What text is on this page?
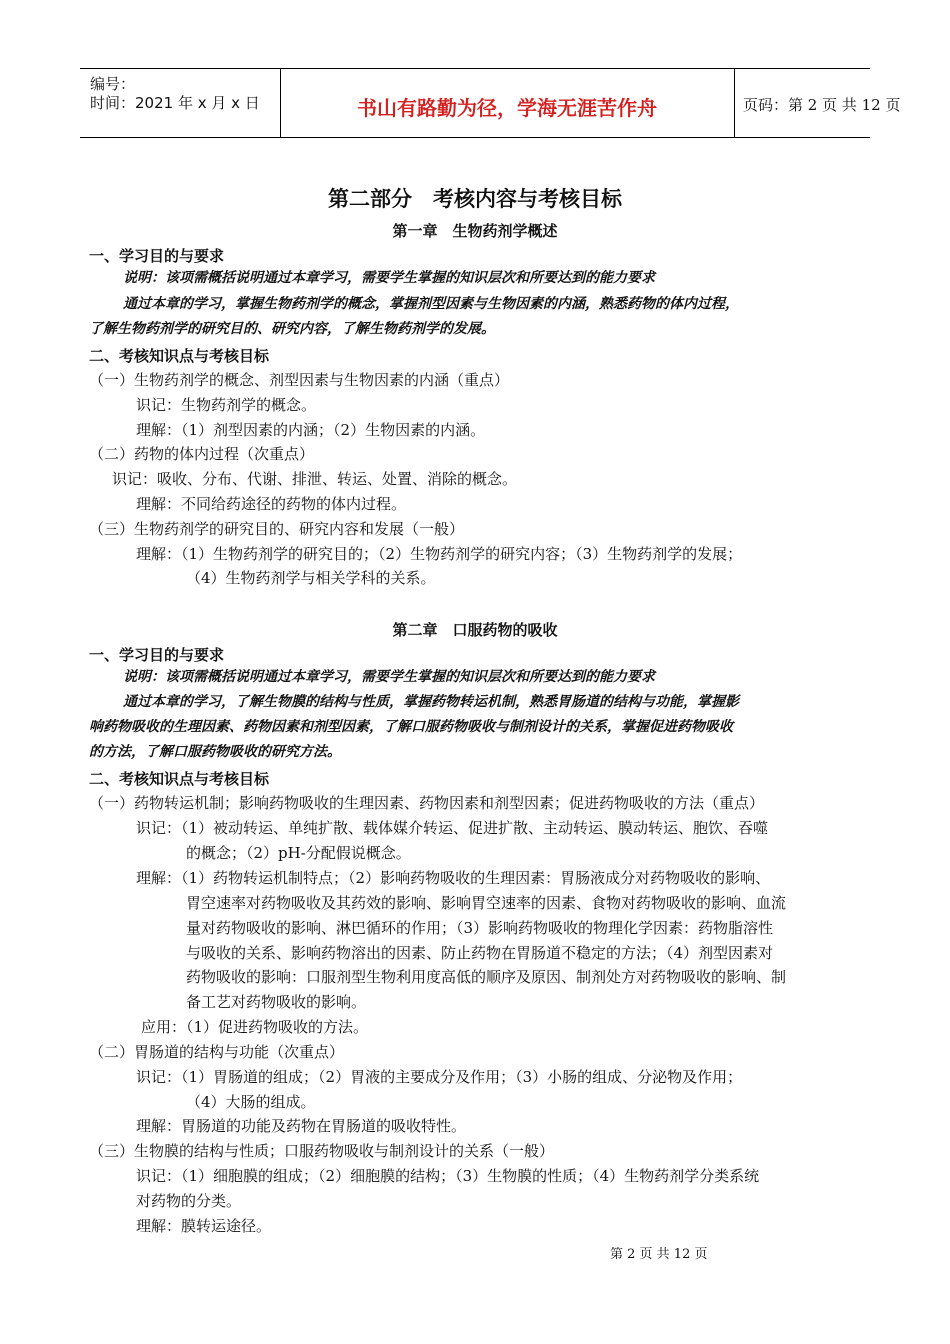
编号：
时间：2021 年 x 月 x 日	书山有路勤为径，学海无涯苦作舟	页码：第 2 页 共 12 页
第二部分　考核内容与考核目标
第一章　生物药剂学概述
一、学习目的与要求
说明：该项需概括说明通过本章学习，需要学生掌握的知识层次和所要达到的能力要求
通过本章的学习，掌握生物药剂学的概念，掌握剂型因素与生物因素的内涵，熟悉药物的体内过程，
了解生物药剂学的研究目的、研究内容，了解生物药剂学的发展。
二、考核知识点与考核目标
（一）生物药剂学的概念、剂型因素与生物因素的内涵（重点）
识记：生物药剂学的概念。
理解：（1）剂型因素的内涵；（2）生物因素的内涵。
（二）药物的体内过程（次重点）
识记：吸收、分布、代谢、排泄、转运、处置、消除的概念。
理解：不同给药途径的药物的体内过程。
（三）生物药剂学的研究目的、研究内容和发展（一般）
理解：（1）生物药剂学的研究目的；（2）生物药剂学的研究内容；（3）生物药剂学的发展；
（4）生物药剂学与相关学科的关系。
第二章　口服药物的吸收
一、学习目的与要求
说明：该项需概括说明通过本章学习，需要学生掌握的知识层次和所要达到的能力要求
通过本章的学习，了解生物膜的结构与性质，掌握药物转运机制，熟悉胃肠道的结构与功能，掌握影
响药物吸收的生理因素、药物因素和剂型因素，了解口服药物吸收与制剂设计的关系，掌握促进药物吸收
的方法，了解口服药物吸收的研究方法。
二、考核知识点与考核目标
（一）药物转运机制；影响药物吸收的生理因素、药物因素和剂型因素；促进药物吸收的方法（重点）
识记：（1）被动转运、单纯扩散、载体媒介转运、促进扩散、主动转运、膜动转运、胞饮、吞噬
的概念；（2）pH-分配假说概念。
理解：（1）药物转运机制特点；（2）影响药物吸收的生理因素：胃肠液成分对药物吸收的影响、
胃空速率对药物吸收及其药效的影响、影响胃空速率的因素、食物对药物吸收的影响、血流
量对药物吸收的影响、淋巴循环的作用；（3）影响药物吸收的物理化学因素：药物脂溶性
与吸收的关系、影响药物溶出的因素、防止药物在胃肠道不稳定的方法；（4）剂型因素对
药物吸收的影响：口服剂型生物利用度高低的顺序及原因、制剂处方对药物吸收的影响、制
备工艺对药物吸收的影响。
应用：（1）促进药物吸收的方法。
（二）胃肠道的结构与功能（次重点）
识记：（1）胃肠道的组成；（2）胃液的主要成分及作用；（3）小肠的组成、分泌物及作用；
（4）大肠的组成。
理解：胃肠道的功能及药物在胃肠道的吸收特性。
（三）生物膜的结构与性质；口服药物吸收与制剂设计的关系（一般）
识记：（1）细胞膜的组成；（2）细胞膜的结构；（3）生物膜的性质；（4）生物药剂学分类系统
对药物的分类。
理解：膜转运途径。
第 2 页 共 12 页
